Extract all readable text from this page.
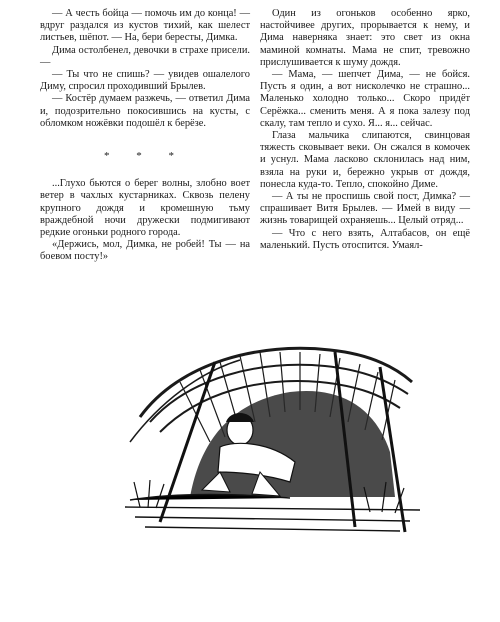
— А честь бойца — помочь им до конца! — вдруг раздался из кустов тихий, как шелест листьев, шёпот. — На, бери бересты, Димка.

Дима остолбенел, девочки в страхе присели. —

— Ты что не спишь? — увидев ошалелого Диму, спросил проходивший Брылев.

— Костёр думаем разжечь, — ответил Дима и, подозрительно покосившись на кусты, с обломком ножёвки подошёл к берёзе.

* * *

...Глухо бьются о берег волны, злобно воет ветер в чахлых кустарниках. Сквозь пелену крупного дождя и кромешную тьму враждебной ночи дружески подмигивают редкие огоньки родного города.

«Держись, мол, Димка, не робей! Ты — на боевом посту!»

Один из огоньков особенно ярко, настойчивее других, прорывается к нему, и Дима наверняка знает: это свет из окна маминой комнаты. Мама не спит, тревожно прислушивается к шуму дождя.

— Мама, — шепчет Дима, — не бойся. Пусть я один, а вот нисколечко не страшно... Маленько холодно только... Скоро придёт Серёжка... сменить меня. А я пока залезу под скалу, там тепло и сухо. Я... я... сейчас.

Глаза мальчика слипаются, свинцовая тяжесть сковывает веки. Он сжался в комочек и уснул. Мама ласково склонилась над ним, взяла на руки и, бережно укрыв от дождя, понесла куда-то. Тепло, спокойно Диме.

— А ты не проспишь свой пост, Димка? — спрашивает Витя Брылев. — Имей в виду — жизнь товарищей охраняешь... Целый отряд...

— Что с него взять, Алтабасов, он ещё маленький. Пусть отоспится. Умаял-
